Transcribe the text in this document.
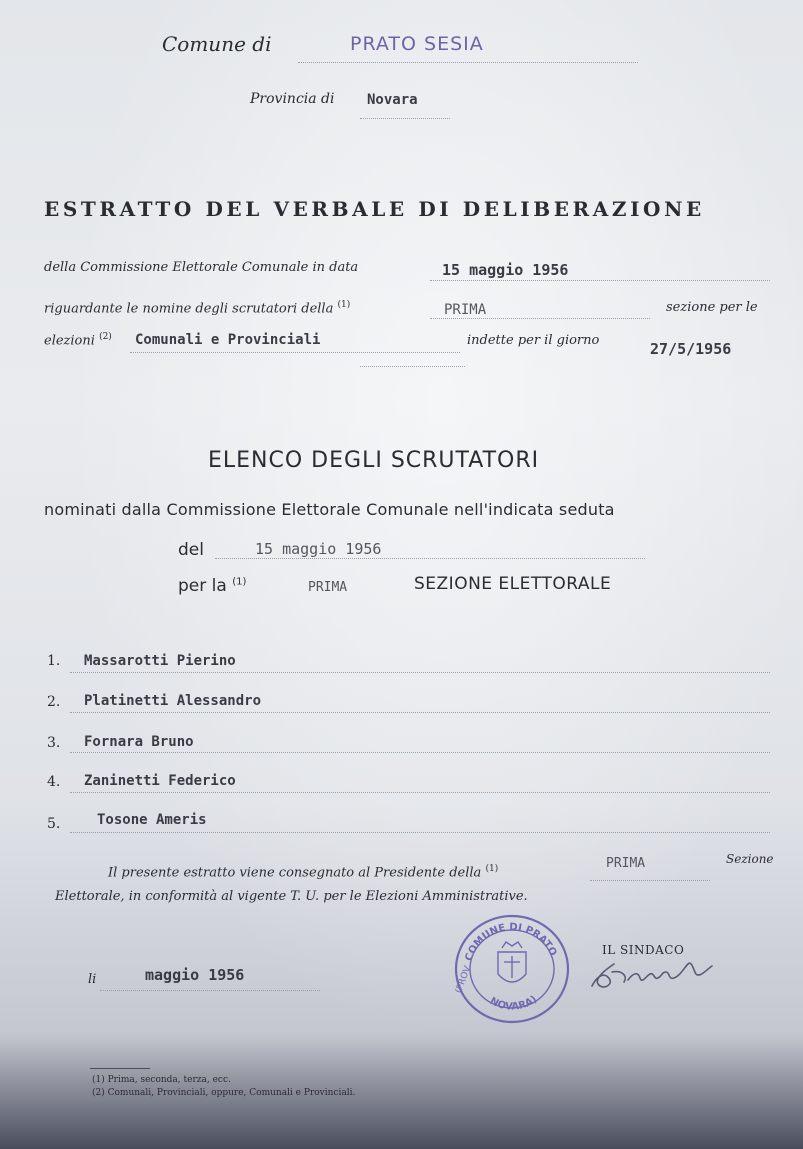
Comune di	PRATO SESIA
Provincia di Novara
ESTRATTO DEL VERBALE DI DELIBERAZIONE
della Commissione Elettorale Comunale in data	15 maggio 1956
riguardante le nomine degli scrutatori della $^{(1)}$	PRIMA	sezione per le
elezioni $^{(2)}$ Comunali e Provinciali	indette per il giorno	27/5/1956
ELENCO DEGLI SCRUTATORI
nominati dalla Commissione Elettorale Comunale nell'indicata seduta
del	15 maggio 1956
per la $^{(1)}$	PRIMA	SEZIONE ELETTORALE
1. Massarotti Pierino
2. Platinetti Alessandro
3. Fornara Bruno
4. Zaninetti Federico
5.	Tosone Ameris
Il presente estratto viene consegnato al Presidente della $^{(1)}$	PRIMA	Sezione
Elettorale, in conformità al vigente T. U. per le Elezioni Amministrative.
li	maggio 1956
COMUNE DI PRATO
(PROV.
NOVARA)
IL SINDACO
(1) Prima, seconda, terza, ecc.
(2) Comunali, Provinciali, oppure, Comunali e Provinciali.
